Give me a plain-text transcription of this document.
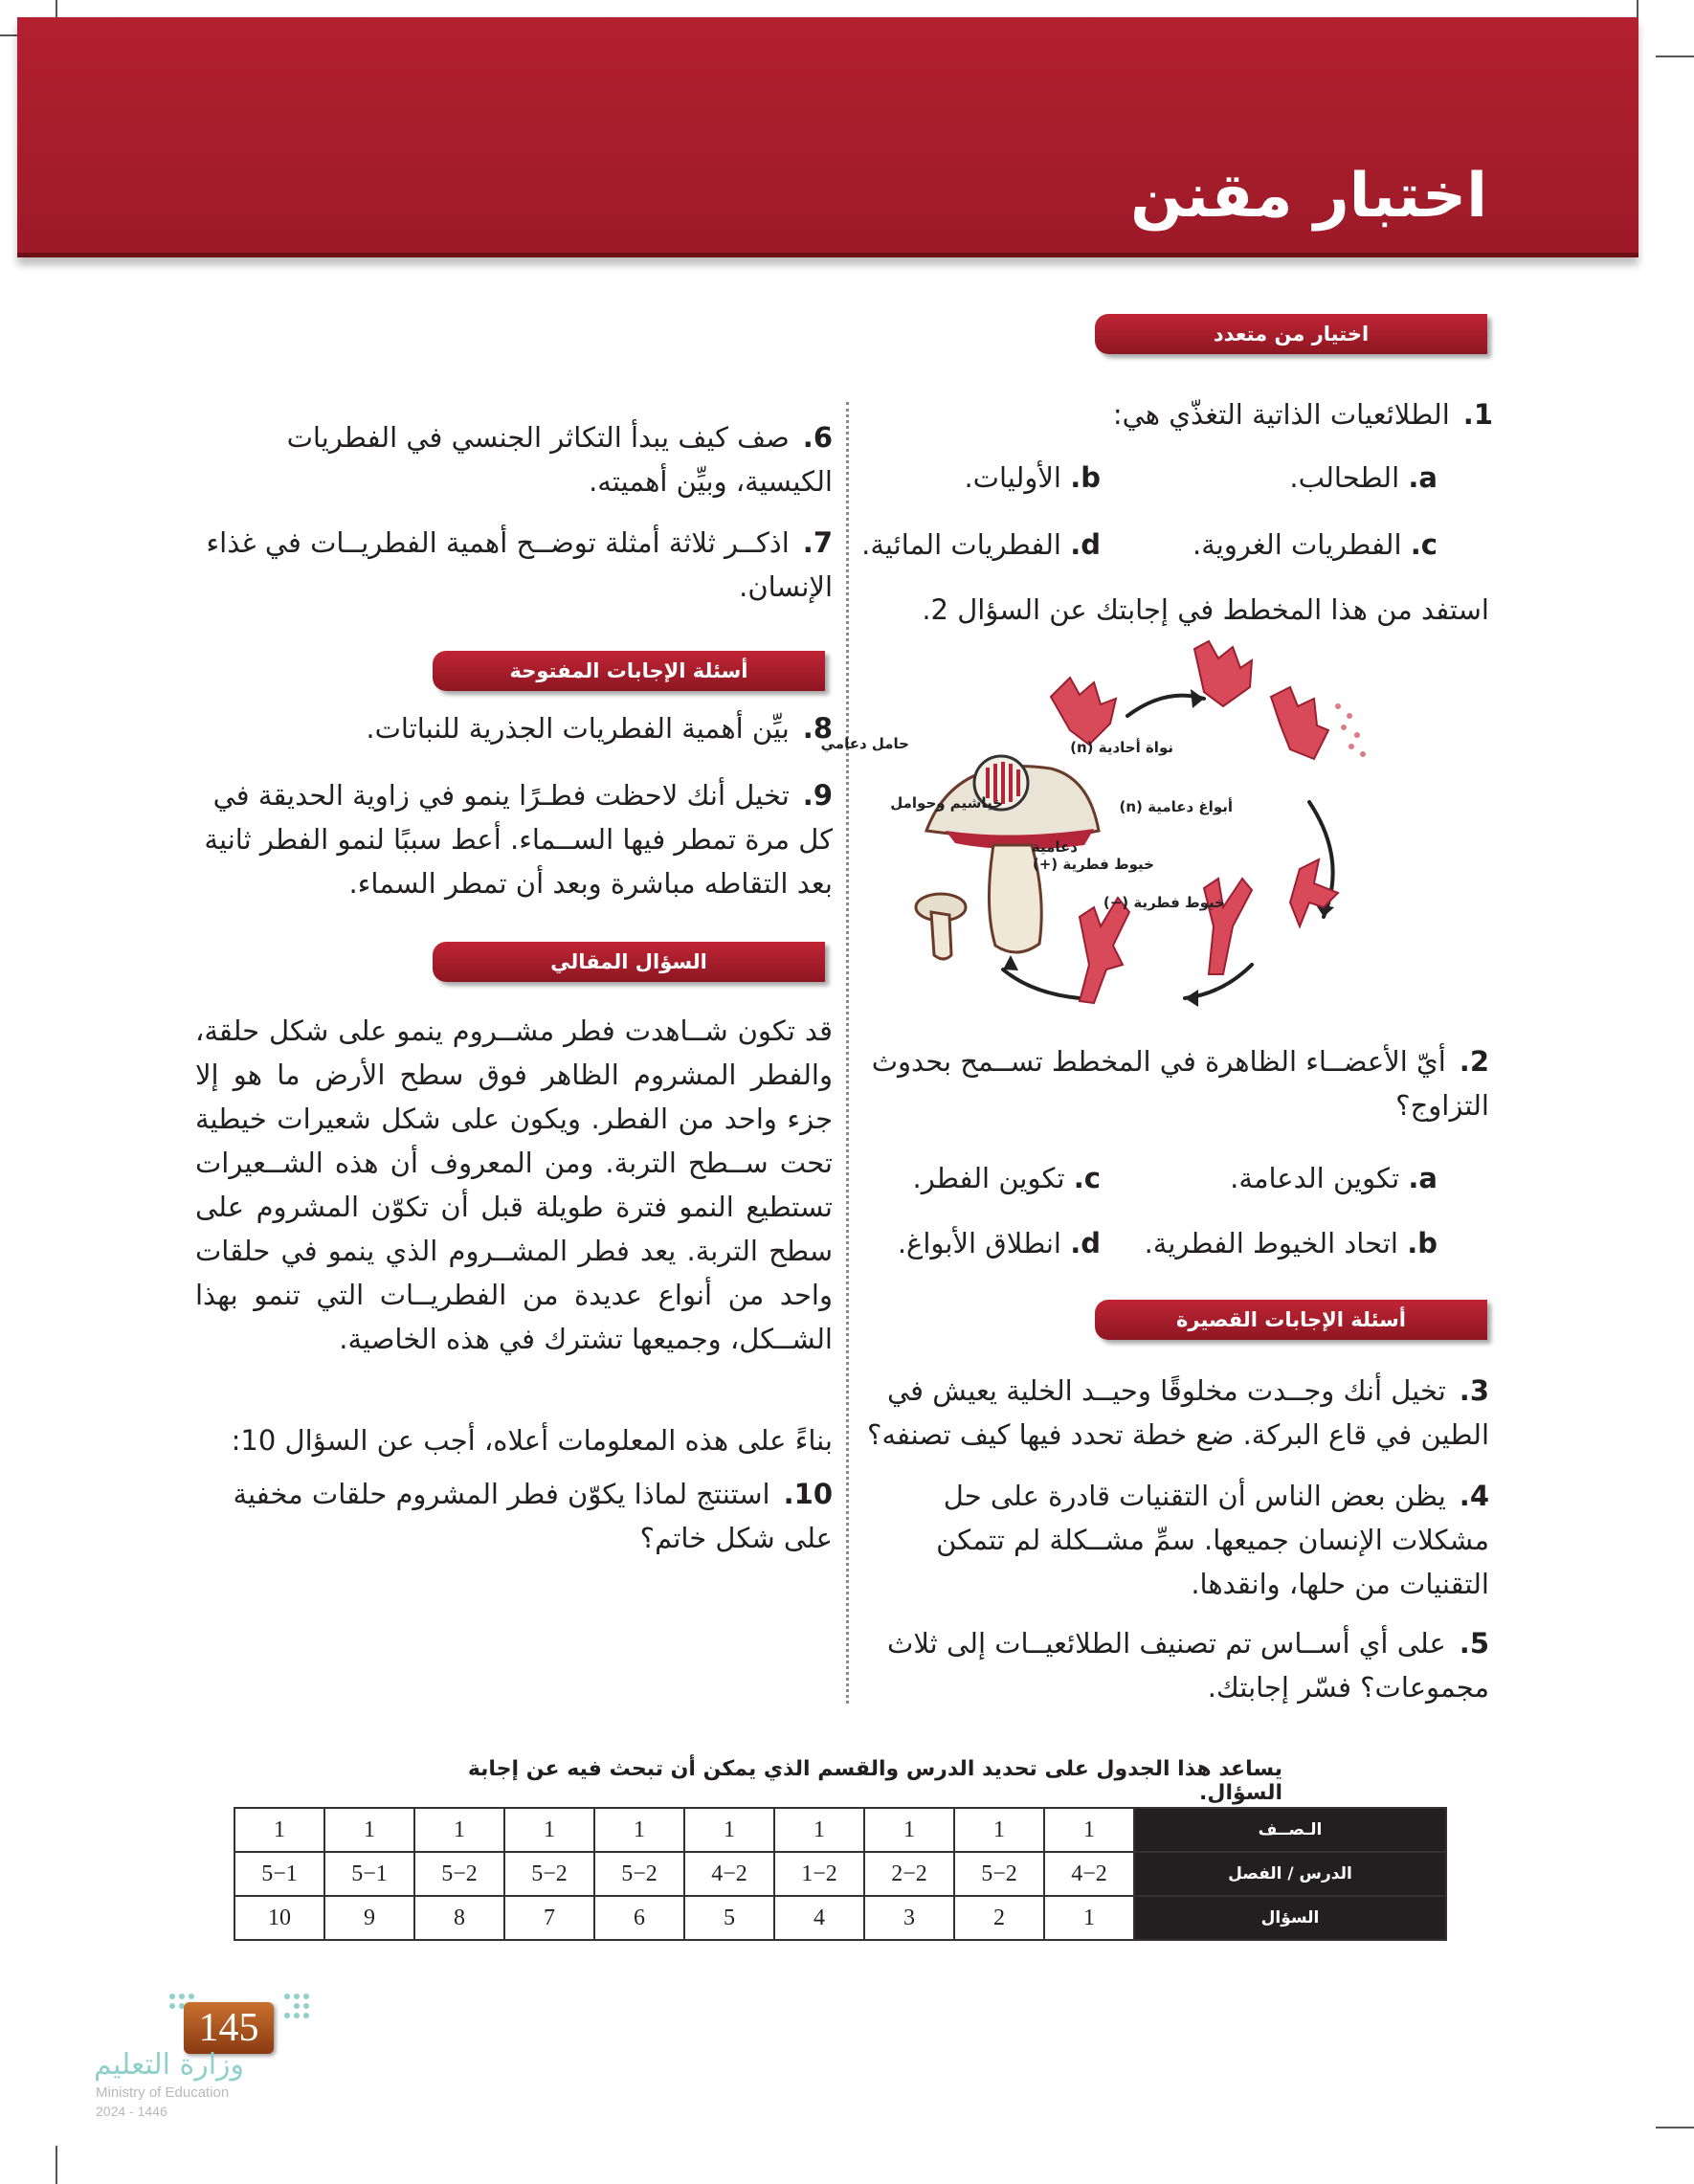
اختبار مقنن
اختيار من متعدد
أسئلة الإجابات القصيرة
أسئلة الإجابات المفتوحة
السؤال المقالي
1.الطلائعيات الذاتية التغذّي هي:
a. الطحالب.
b. الأوليات.
c. الفطريات الغروية.
d. الفطريات المائية.
استفد من هذا المخطط في إجابتك عن السؤال 2.
حامل دعامي	نواة أحادية (n)
خياشيم وحوامل
دعامية
أبواغ دعامية (n)
خيوط فطرية (+)
خيوط فطرية (−)
2.أيّ الأعضــاء الظاهرة في المخطط تســمح بحدوث التزاوج؟
a. تكوين الدعامة.
c. تكوين الفطر.
b. اتحاد الخيوط الفطرية.
d. انطلاق الأبواغ.
3.تخيل أنك وجــدت مخلوقًا وحيــد الخلية يعيش في الطين في قاع البركة. ضع خطة تحدد فيها كيف تصنفه؟
4.يظن بعض الناس أن التقنيات قادرة على حل مشكلات الإنسان جميعها. سمِّ مشــكلة لم تتمكن التقنيات من حلها، وانقدها.
5.على أي أســاس تم تصنيف الطلائعيــات إلى ثلاث مجموعات؟ فسّر إجابتك.
6.صف كيف يبدأ التكاثر الجنسي في الفطريات الكيسية، وبيِّن أهميته.
7.اذكــر ثلاثة أمثلة توضــح أهمية الفطريــات في غذاء الإنسان.
8.بيِّن أهمية الفطريات الجذرية للنباتات.
9.تخيل أنك لاحظت فطـرًا ينمو في زاوية الحديقة في كل مرة تمطر فيها الســماء. أعط سببًا لنمو الفطر ثانية بعد التقاطه مباشرة وبعد أن تمطر السماء.
قد تكون شــاهدت فطر مشــروم ينمو على شكل حلقة، والفطر المشروم الظاهر فوق سطح الأرض ما هو إلا جزء واحد من الفطر. ويكون على شكل شعيرات خيطية تحت ســطح التربة. ومن المعروف أن هذه الشــعيرات تستطيع النمو فترة طويلة قبل أن تكوّن المشروم على سطح التربة. يعد فطر المشــروم الذي ينمو في حلقات واحد من أنواع عديدة من الفطريــات التي تنمو بهذا الشــكل، وجميعها تشترك في هذه الخاصية.
بناءً على هذه المعلومات أعلاه، أجب عن السؤال 10:
10.استنتج لماذا يكوّن فطر المشروم حلقات مخفية على شكل خاتم؟
يساعد هذا الجدول على تحديد الدرس والقسم الذي يمكن أن تبحث فيه عن إجابة السؤال.
الـصــف	1	1	1	1	1	1	1	1	1	1
الدرس / الفصل	4−2	5−2	2−2	1−2	4−2	5−2	5−2	5−2	5−1	5−1
السؤال	1	2	3	4	5	6	7	8	9	10
145
وزارة التعليم
Ministry of Education
2024 - 1446
